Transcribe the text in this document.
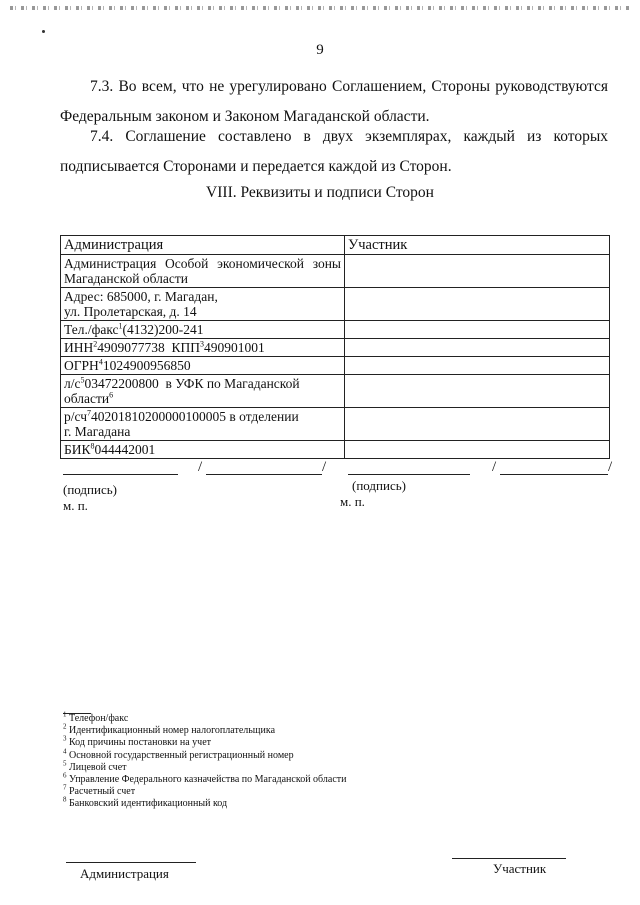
9
7.3. Во всем, что не урегулировано Соглашением, Стороны руководствуются Федеральным законом и Законом Магаданской области.
7.4. Соглашение составлено в двух экземплярах, каждый из которых подписывается Сторонами и передается каждой из Сторон.
VIII. Реквизиты и подписи Сторон
Администрация	Участник
Администрация Особой экономической зоны Магаданской области	

Адрес: 685000, г. Магадан,
ул. Пролетарская, д. 14	

Тел./факс$^1$(4132)200-241	
ИНН$^2$4909077738 КПП$^3$490901001	
ОГРН$^4$1024900956850	
$л/с^503472200800$ в УФК по Магаданской области$^6$	

$р/сч^740201810200000100005$ в отделении
г. Магадана	

БИК$^8$044442001	
/	/	/	/
(подпись)
м. п.
(подпись)
м. п.
$^1$ Телефон/факс
$^2$ Идентификационный номер налогоплательщика
$^3$ Код причины постановки на учет
$^4$ Основной государственный регистрационный номер
$^5$ Лицевой счет
$^6$ Управление Федерального казначейства по Магаданской области
$^7$ Расчетный счет
$^8$ Банковский идентификационный код
Администрация	Участник
